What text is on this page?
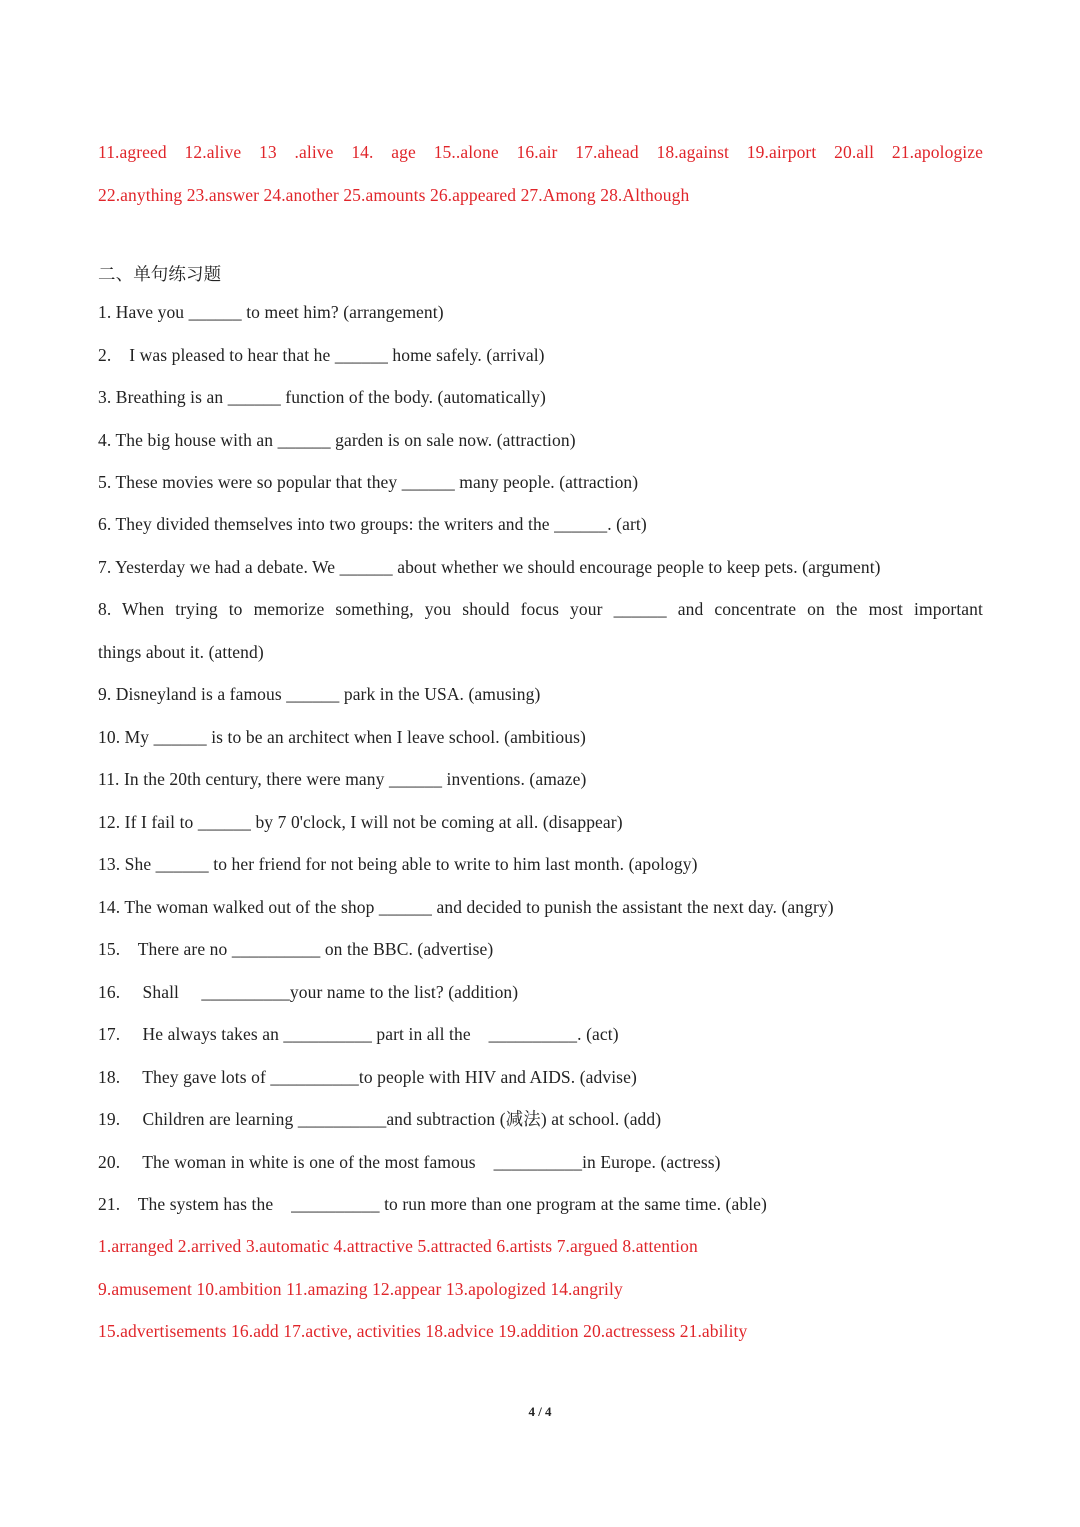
11.agreed 12.alive 13 .alive 14. age 15..alone 16.air 17.ahead 18.against 19.airport 20.all 21.apologize
22.anything 23.answer 24.another 25.amounts 26.appeared 27.Among 28.Although
二、单句练习题
1. Have you ______ to meet him? (arrangement)
2.    I was pleased to hear that he ______ home safely. (arrival)
3. Breathing is an ______ function of the body. (automatically)
4. The big house with an ______ garden is on sale now. (attraction)
5. These movies were so popular that they ______ many people. (attraction)
6. They divided themselves into two groups: the writers and the ______. (art)
7. Yesterday we had a debate. We ______ about whether we should encourage people to keep pets. (argument)
8. When trying to memorize something, you should focus your ______ and concentrate on the most important
things about it. (attend)
9. Disneyland is a famous ______ park in the USA. (amusing)
10. My ______ is to be an architect when I leave school. (ambitious)
11. In the 20th century, there were many ______ inventions. (amaze)
12. If I fail to ______ by 7 0'clock, I will not be coming at all. (disappear)
13. She ______ to her friend for not being able to write to him last month. (apology)
14. The woman walked out of the shop ______ and decided to punish the assistant the next day. (angry)
15.    There are no __________ on the BBC. (advertise)
16.     Shall     __________your name to the list? (addition)
17.     He always takes an __________ part in all the    __________. (act)
18.     They gave lots of __________to people with HIV and AIDS. (advise)
19.     Children are learning __________and subtraction (减法) at school. (add)
20.     The woman in white is one of the most famous    __________in Europe. (actress)
21.    The system has the    __________ to run more than one program at the same time. (able)
1.arranged 2.arrived 3.automatic 4.attractive 5.attracted 6.artists 7.argued 8.attention
9.amusement 10.ambition 11.amazing 12.appear 13.apologized 14.angrily
15.advertisements 16.add 17.active, activities 18.advice 19.addition 20.actressess 21.ability
4 / 4
